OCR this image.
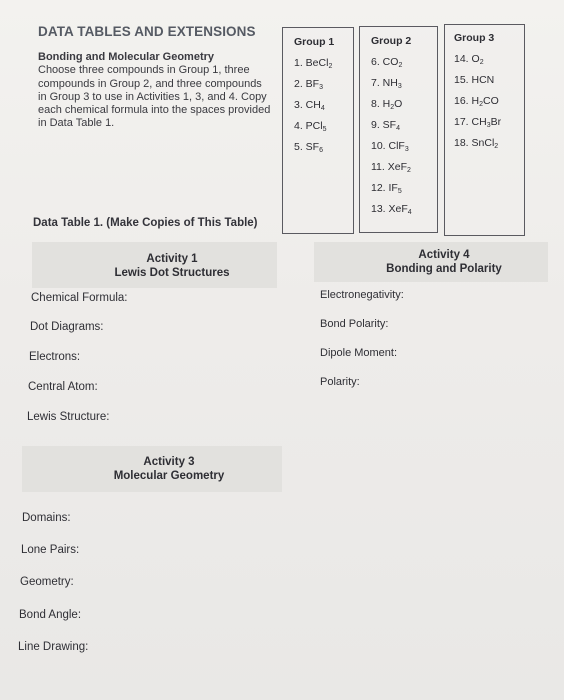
DATA TABLES AND EXTENSIONS
Bonding and Molecular Geometry
Choose three compounds in Group 1, three compounds in Group 2, and three compounds in Group 3 to use in Activities 1, 3, and 4. Copy each chemical formula into the spaces provided in Data Table 1.
Group 1
1. BeCl$_2$
2. $BF_3$
3. $CH_4$
4. PCl$_5$
5. $SF_6$
Group 2
6. $CO_2$
7. $NH_3$
8. $H_2O$
9. $SF_4$
10. ClF$_3$
11. XeF$_2$
12. $IF_5$
13. XeF$_4$
Group 3
14. $O_2$
15. HCN
16. $H_2CO$
17. $CH_3Br$
18. SnCl$_2$
Data Table 1. (Make Copies of This Table)
Activity 1
Lewis Dot Structures
Activity 4
Bonding and Polarity
Activity 3
Molecular Geometry
Chemical Formula:
Dot Diagrams:
Electrons:
Central Atom:
Lewis Structure:
Electronegativity:
Bond Polarity:
Dipole Moment:
Polarity:
Domains:
Lone Pairs:
Geometry:
Bond Angle:
Line Drawing:
